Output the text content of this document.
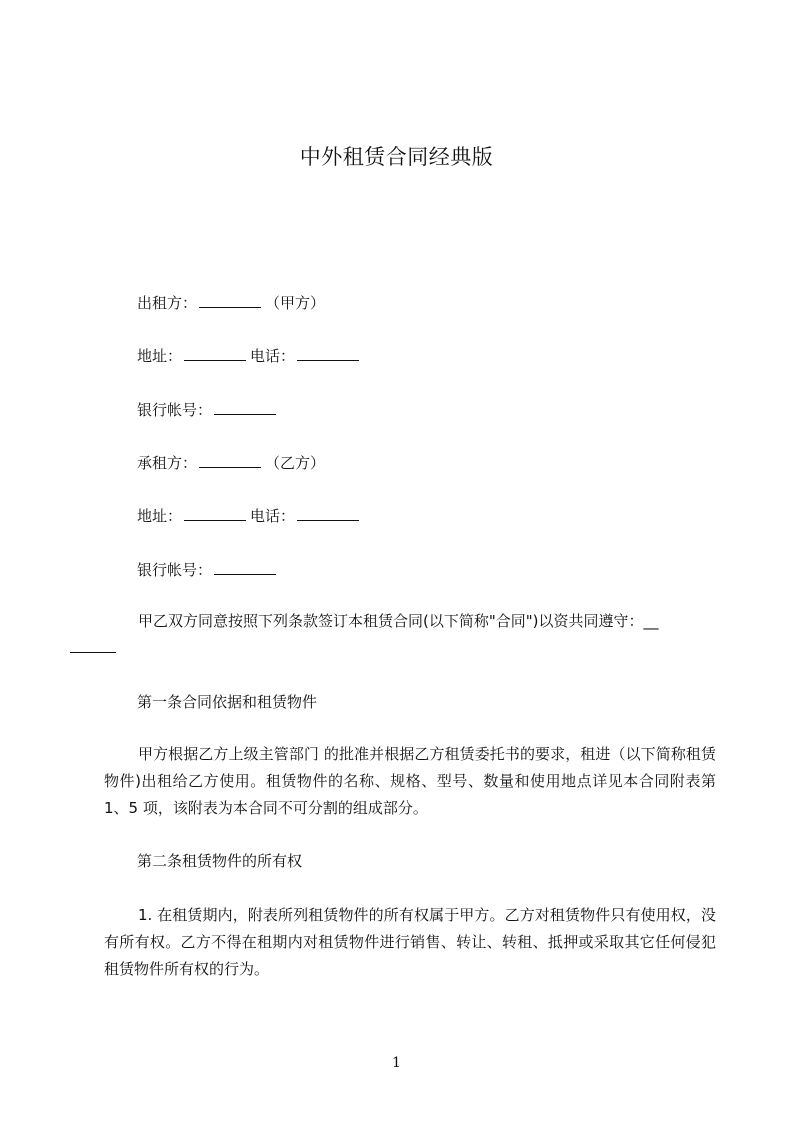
中外租赁合同经典版
出租方：	（甲方）
地址：	电话：
银行帐号：
承租方：	（乙方）
地址：	电话：
银行帐号：
甲乙双方同意按照下列条款签订本租赁合同(以下简称"合同")以资共同遵守：__

第一条合同依据和租赁物件
甲方根据乙方上级主管部门 的批准并根据乙方租赁委托书的要求，租进（以下简称租赁物件)出租给乙方使用。租赁物件的名称、规格、型号、数量和使用地点详见本合同附表第 1、5 项，该附表为本合同不可分割的组成部分。
第二条租赁物件的所有权
1. 在租赁期内，附表所列租赁物件的所有权属于甲方。乙方对租赁物件只有使用权，没有所有权。乙方不得在租期内对租赁物件进行销售、转让、转租、抵押或采取其它任何侵犯租赁物件所有权的行为。
1
